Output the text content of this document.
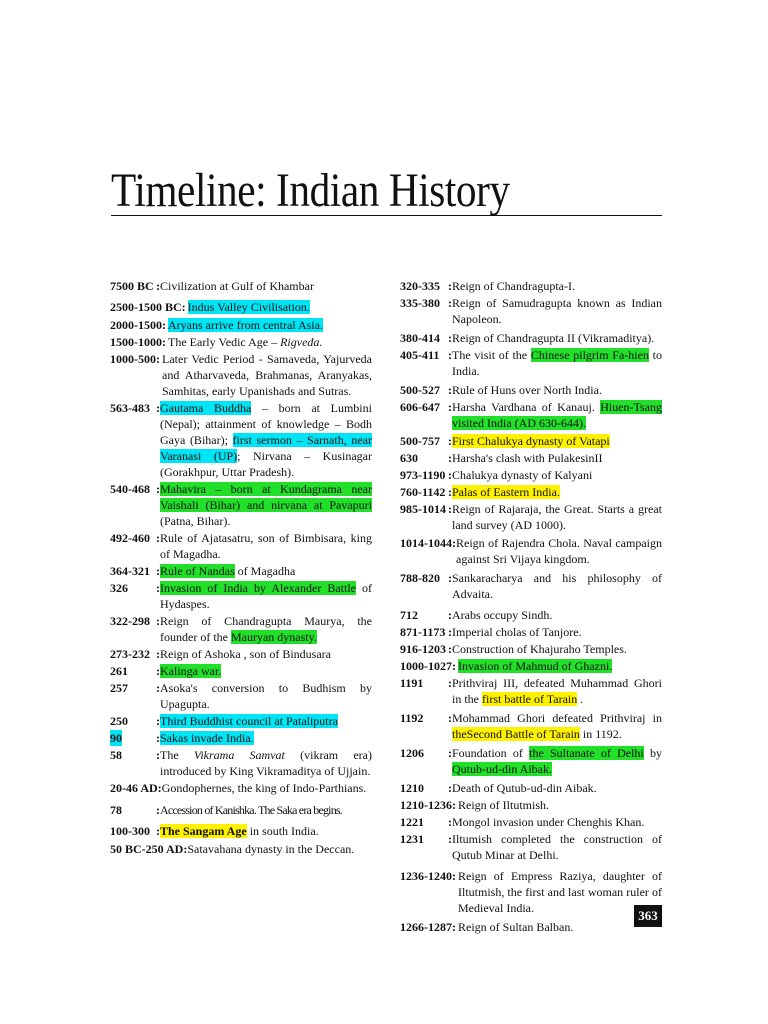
Timeline: Indian History
7500 BC : Civilization at Gulf of Khambar
2500-1500 BC: Indus Valley Civilisation.
2000-1500: Aryans arrive from central Asia.
1500-1000: The Early Vedic Age – Rigveda.
1000-500: Later Vedic Period - Samaveda, Yajurveda and Atharvaveda, Brahmanas, Aranyakas, Samhitas, early Upanishads and Sutras.
563-483 : Gautama Buddha – born at Lumbini (Nepal); attainment of knowledge – Bodh Gaya (Bihar); first sermon – Sarnath, near Varanasi (UP); Nirvana – Kusinagar (Gorakhpur, Uttar Pradesh).
540-468 : Mahavira – born at Kundagrama near Vaishali (Bihar) and nirvana at Pavapuri (Patna, Bihar).
492-460 : Rule of Ajatasatru, son of Bimbisara, king of Magadha.
364-321 : Rule of Nandas of Magadha
326 : Invasion of India by Alexander Battle of Hydaspes.
322-298 : Reign of Chandragupta Maurya, the founder of the Mauryan dynasty.
273-232 : Reign of Ashoka , son of Bindusara
261 : Kalinga war.
257 : Asoka's conversion to Budhism by Upagupta.
250 : Third Buddhist council at Pataliputra
90	: Sakas invade India.
58	: The Vikrama Samvat (vikram era) introduced by King Vikramaditya of Ujjain.
20-46 AD : Gondophernes, the king of Indo-Parthians.
78	: Accession of Kanishka. The Saka era begins.
100-300 : The Sangam Age in south India.
50 BC-250 AD : Satavahana dynasty in the Deccan.
320-335 : Reign of Chandragupta-I.
335-380 : Reign of Samudragupta known as Indian Napoleon.
380-414 : Reign of Chandragupta II (Vikramaditya).
405-411 : The visit of the Chinese pilgrim Fa-hien to India.
500-527 : Rule of Huns over North India.
606-647 : Harsha Vardhana of Kanauj. Hiuen-Tsang visited India (AD 630-644).
500-757 : First Chalukya dynasty of Vatapi
630	: Harsha's clash with PulakesinII
973-1190 : Chalukya dynasty of Kalyani
760-1142 : Palas of Eastern India.
985-1014 : Reign of Rajaraja, the Great. Starts a great land survey (AD 1000).
1014-1044 : Reign of Rajendra Chola. Naval campaign against Sri Vijaya kingdom.
788-820 : Sankaracharya and his philosophy of Advaita.
712	: Arabs occupy Sindh.
871-1173 : Imperial cholas of Tanjore.
916-1203 : Construction of Khajuraho Temples.
1000-1027: Invasion of Mahmud of Ghazni.
1191 : Prithviraj III, defeated Muhammad Ghori in the first battle of Tarain .
1192 : Mohammad Ghori defeated Prithviraj in theSecond Battle of Tarain in 1192.
1206 : Foundation of the Sultanate of Delhi by Qutub-ud-din Aibak.
1210 : Death of Qutub-ud-din Aibak.
1210-1236: Reign of Iltutmish.
1221 : Mongol invasion under Chenghis Khan.
1231 : Iltumish completed the construction of Qutub Minar at Delhi.
1236-1240: Reign of Empress Raziya, daughter of Iltutmish, the first and last woman ruler of Medieval India.
1266-1287: Reign of Sultan Balban.
363
